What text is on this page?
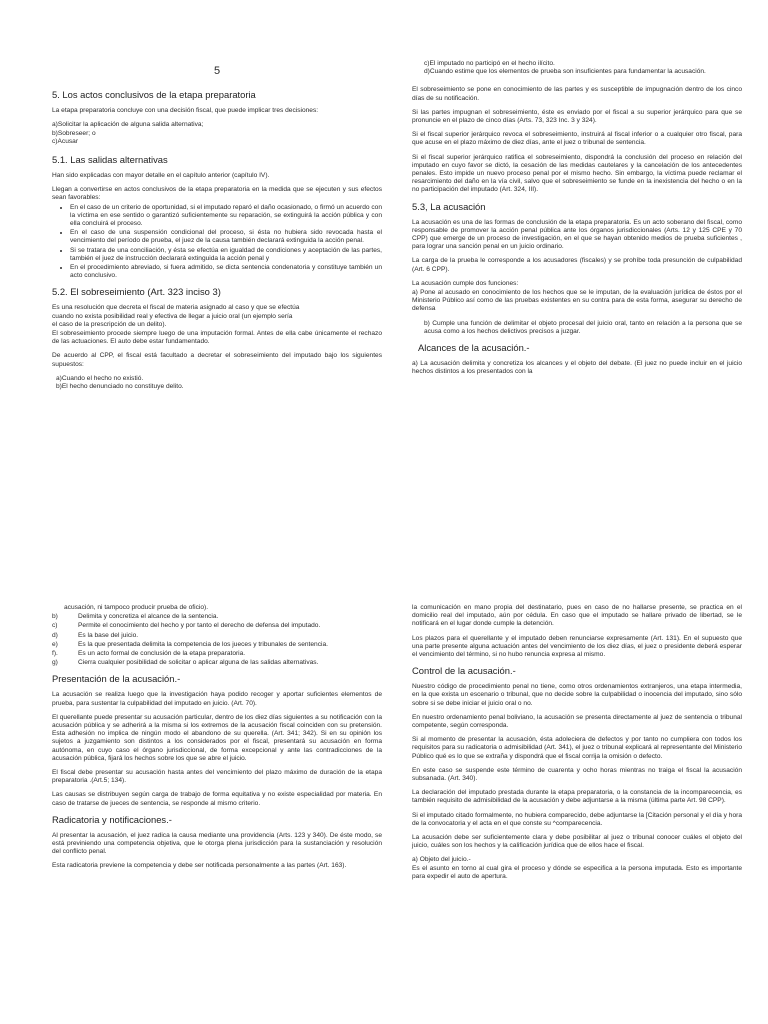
5
5. Los actos conclusivos de la etapa preparatoria

La etapa preparatoria concluye con una decisión fiscal, que puede implicar tres decisiones:

a)Solicitar la aplicación de alguna salida alternativa;
b)Sobreseer; o
c)Acusar
5.1. Las salidas alternativas

Han sido explicadas con mayor detalle en el capítulo anterior (capítulo IV).

Llegan a convertirse en actos conclusivos de la etapa preparatoria en la medida que se ejecuten y sus efectos sean favorables:

• En el caso de un criterio de oportunidad, si el imputado reparó el daño ocasionado, o firmó un acuerdo con la víctima en ese sentido o garantizó suficientemente su reparación, se extinguirá la acción pública y con ella concluirá el proceso.
• En el caso de una suspensión condicional del proceso, si ésta no hubiera sido revocada hasta el vencimiento del período de prueba, el juez de la causa también declarará extinguida la acción penal.
• Si se tratara de una conciliación, y ésta se efectúa en igualdad de condiciones y aceptación de las partes, también el juez de instrucción declarará extinguida la acción penal y
• En el procedimiento abreviado, si fuera admitido, se dicta sentencia condenatoria y constituye también un acto conclusivo.
5.2. El sobreseimiento (Art. 323 inciso 3)
Es una resolución que decreta el fiscal de materia asignado al caso y que se efectúa
cuando no exista posibilidad real y efectiva de llegar a juicio oral (un ejemplo sería
el caso de la prescripción de un delito).

El sobreseimiento procede siempre luego de una imputación formal. Antes de ella cabe únicamente el rechazo de las actuaciones. El auto debe estar fundamentado.

De acuerdo al CPP, el fiscal está facultado a decretar el sobreseimiento del imputado bajo los siguientes supuestos:

a)Cuando el hecho no existió.
b)El hecho denunciado no constituye delito.
c)El imputado no participó en el hecho ilícito.
d)Cuando estime que los elementos de prueba son insuficientes para fundamentar la acusación.

El sobreseimiento se pone en conocimiento de las partes y es susceptible de impugnación dentro de los cinco días de su notificación.

Si las partes impugnan el sobreseimiento, éste es enviado por el fiscal a su superior jerárquico para que se pronuncie en el plazo de cinco días (Arts. 73, 323 Inc. 3 y 324).

Si el fiscal superior jerárquico revoca el sobreseimiento, instruirá al fiscal inferior o a cualquier otro fiscal, para que acuse en el plazo máximo de diez días, ante el juez o tribunal de sentencia.

Si el fiscal superior jerárquico ratifica el sobreseimiento, dispondrá la conclusión del proceso en relación del imputado en cuyo favor se dictó, la cesación de las medidas cautelares y la cancelación de los antecedentes penales. Esto impide un nuevo proceso penal por el mismo hecho. Sin embargo, la víctima puede reclamar el resarcimiento del daño en la vía civil, salvo que el sobreseimiento se funde en la inexistencia del hecho o en la no participación del imputado (Art. 324, III).

5.3, La acusación

La acusación es una de las formas de conclusión de la etapa preparatoria. Es un acto soberano del fiscal, como responsable de promover la acción penal pública ante los órganos jurisdiccionales (Arts. 12 y 125 CPE y 70 CPP) que emerge de un proceso de investigación, en el que se hayan obtenido medios de prueba suficientes , para lograr una sanción penal en un juicio ordinario.

La carga de la prueba le corresponde a los acusadores (fiscales) y se prohíbe toda presunción de culpabilidad (Art. 6 CPP).

La acusación cumple dos funciones:

a) Pone al acusado en conocimiento de los hechos que se le imputan, de la evaluación jurídica de éstos por el Ministerio Público así como de las pruebas existentes en su contra para de esta forma, asegurar su derecho de defensa

b) Cumple una función de delimitar el objeto procesal del juicio oral, tanto en relación a la persona que se acusa como a los hechos delictivos precisos a juzgar.

Alcances de la acusación.-

a) La acusación delimita y concretiza los alcances y el objeto del debate. (El juez no puede incluir en el juicio hechos distintos a los presentados con la

acusación, ni tampoco producir prueba de oficio).

b)	Delimita y concretiza el alcance de la sentencia.
c)	Permite el conocimiento del hecho y por tanto el derecho de defensa del imputado.
d)	Es la base del juicio.
e)	Es la que presentada delimita la competencia de los jueces y tribunales de sentencia.
f).	Es un acto formal de conclusión de la etapa preparatoria.
g)	Cierra cualquier posibilidad de solicitar o aplicar alguna de las salidas alternativas.
Presentación de la acusación.-

La acusación se realiza luego que la investigación haya podido recoger y aportar suficientes elementos de prueba, para sustentar la culpabilidad del imputado en juicio. (Art. 70).

El querellante puede presentar su acusación particular, dentro de los diez días siguientes a su notificación con la acusación pública y se adherirá a la misma si los extremos de la acusación fiscal coinciden con su pretensión. Esta adhesión no implica de ningún modo el abandono de su querella. (Art. 341; 342). Si en su opinión los sujetos a juzgamiento son distintos a los considerados por el fiscal, presentará su acusación en forma autónoma, en cuyo caso el órgano jurisdiccional, de forma excepcional y ante las contradicciones de la acusación pública, fijará los hechos sobre los que se abre el juicio.

El fiscal debe presentar su acusación hasta antes del vencimiento del plazo máximo de duración de la etapa preparatoria .(Art.5; 134).

Las causas se distribuyen según carga de trabajo de forma equitativa y no existe especialidad por materia. En caso de tratarse de jueces de sentencia, se responde al mismo criterio.

Radicatoria y notificaciones.-

Al presentar la acusación, el juez radica la causa mediante una providencia (Arts. 123 y 340). De éste modo, se está previniendo una competencia objetiva, que le otorga plena jurisdicción para la sustanciación y resolución del conflicto penal.

Esta radicatoria previene la competencia y debe ser notificada personalmente a las partes (Art. 163).

la comunicación en mano propia del destinatario, pues en caso de no hallarse presente, se practica en el domicilio real del imputado, aún por cédula. En caso que el imputado se hallare privado de libertad, se le notificará en el lugar donde cumple la detención.

Los plazos para el querellante y el imputado deben renunciarse expresamente (Art. 131). En el supuesto que una parte presente alguna actuación antes del vencimiento de los diez días, el juez o presidente deberá esperar el vencimiento del término, si no hubo renuncia expresa al mismo.

Control de la acusación.-

Nuestro código de procedimiento penal no tiene, como otros ordenamientos extranjeros, una etapa intermedia, en la que exista un escenario o tribunal, que no decide sobre la culpabilidad o inocencia del imputado, sino sólo sobre si se debe iniciar el juicio oral o no.

En nuestro ordenamiento penal boliviano, la acusación se presenta directamente al juez de sentencia o tribunal competente, según corresponda.

Si al momento de presentar la acusación, ésta adoleciera de defectos y por tanto no cumpliera con todos los requisitos para su radicatoria o admisibilidad (Art. 341), el juez o tribunal explicará al representante del Ministerio Público qué es lo que se extraña y dispondrá que el fiscal corrija la omisión o defecto.

En este caso se suspende este término de cuarenta y ocho horas mientras no traiga el fiscal la acusación subsanada. (Art. 340).

La declaración del imputado prestada durante la etapa preparatoria, o la constancia de la incomparecencia, es también requisito de admisibilidad de la acusación y debe adjuntarse a la misma (última parte Art. 98 CPP).

Si el imputado citado formalmente, no hubiera comparecido, debe adjuntarse la [Citación personal y el día y hora de la convocatoria y el acta en el que conste su ^comparecencia.

La acusación debe ser suficientemente clara y debe posibilitar al juez o tribunal conocer cuáles el objeto del juicio, cuáles son los hechos y la calificación jurídica que de ellos hace el fiscal.

a) Objeto del juicio.-
Es el asunto en torno al cual gira el proceso y dónde se especifica a la persona imputada. Esto es importante para expedir el auto de apertura.
